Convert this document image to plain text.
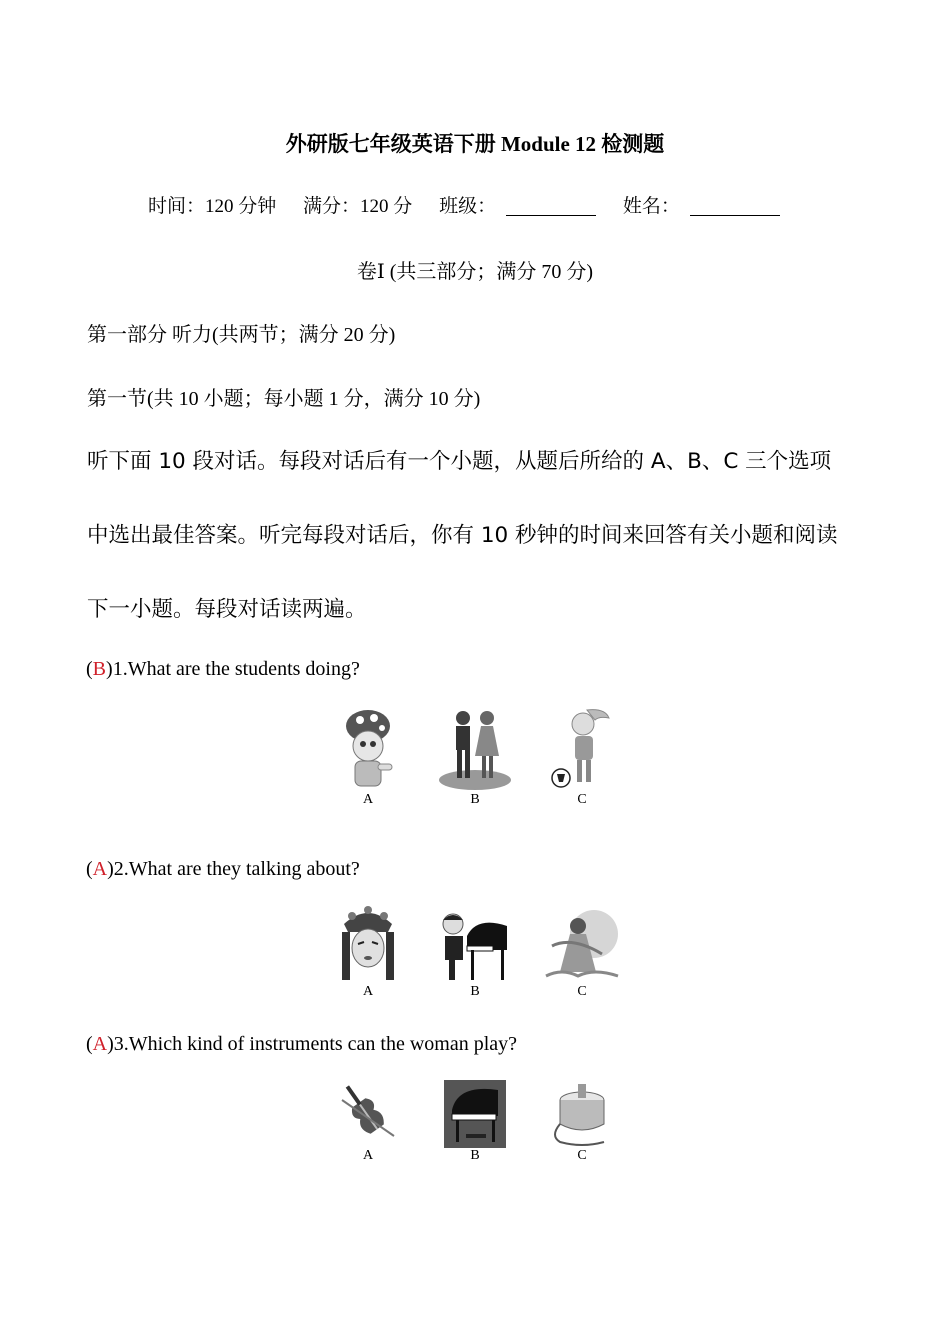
外研版七年级英语下册 Module 12 检测题
时间：120 分钟 满分：120 分 班级：	姓名：
卷Ⅰ (共三部分；满分 70 分)
第一部分 听力(共两节；满分 20 分)
第一节(共 10 小题；每小题 1 分，满分 10 分)
听下面 10 段对话。每段对话后有一个小题，从题后所给的 A、B、C 三个选项
中选出最佳答案。听完每段对话后，你有 10 秒钟的时间来回答有关小题和阅读
下一小题。每段对话读两遍。
(B)1.What are the students doing?
A	B	C
(A)2.What are they talking about?
A	B	C
(A)3.Which kind of instruments can the woman play?
A	B	C
